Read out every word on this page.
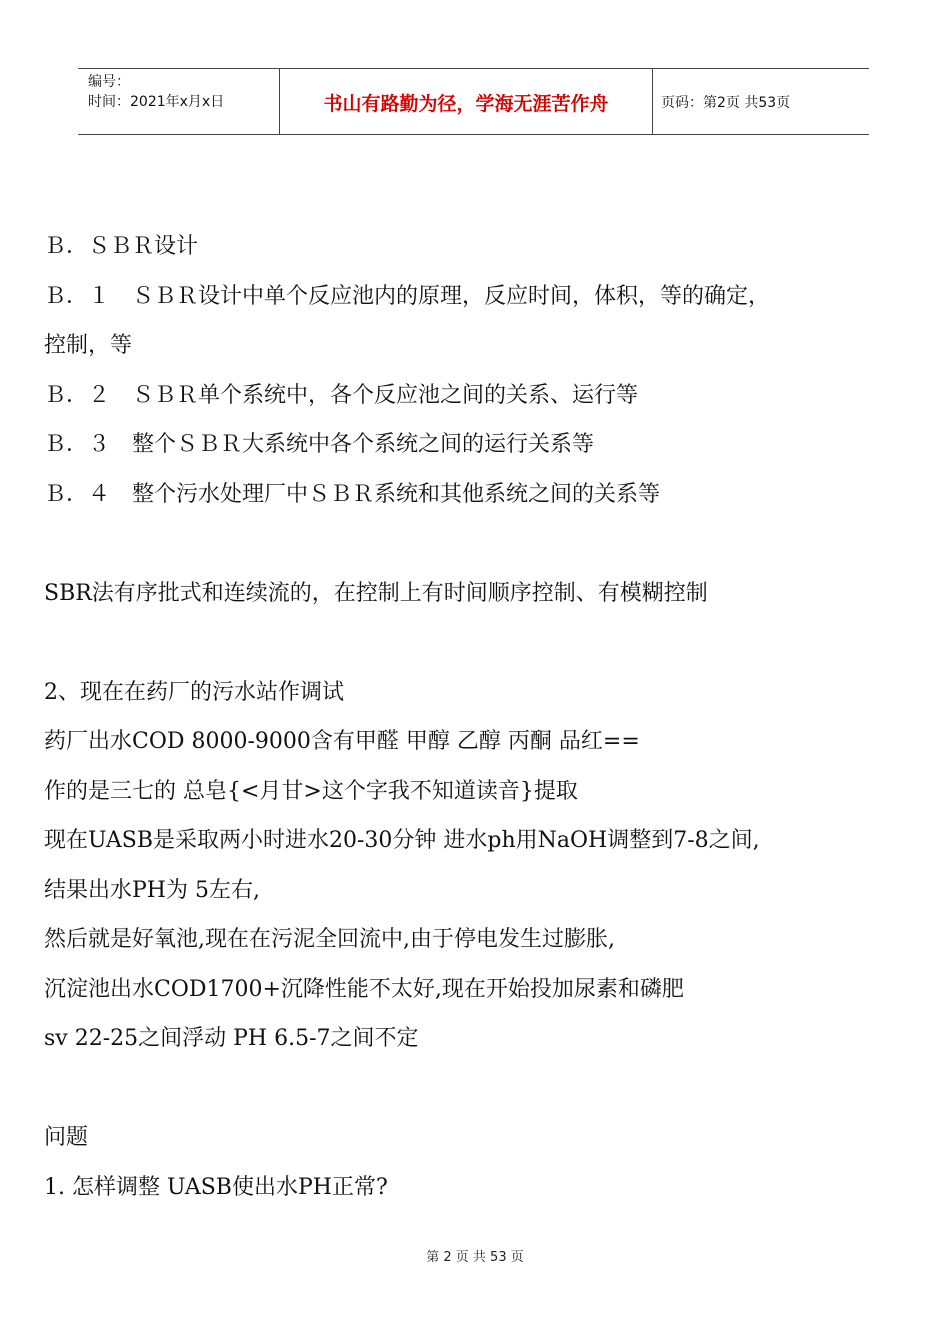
编号：
时间：2021年x月x日	书山有路勤为径，学海无涯苦作舟	页码：第2页 共53页
Ｂ．ＳＢＲ设计
Ｂ．１　ＳＢＲ设计中单个反应池内的原理，反应时间，体积，等的确定，
控制，等
Ｂ．２　ＳＢＲ单个系统中，各个反应池之间的关系、运行等
Ｂ．３　整个ＳＢＲ大系统中各个系统之间的运行关系等
Ｂ．４　整个污水处理厂中ＳＢＲ系统和其他系统之间的关系等
SBR法有序批式和连续流的，在控制上有时间顺序控制、有模糊控制
2、现在在药厂的污水站作调试
药厂出水COD 8000-9000含有甲醛 甲醇 乙醇 丙酮 品红==
作的是三七的 总皂{<月甘>这个字我不知道读音}提取
现在UASB是采取两小时进水20-30分钟 进水ph用NaOH调整到7-8之间,
结果出水PH为 5左右,
然后就是好氧池,现在在污泥全回流中,由于停电发生过膨胀,
沉淀池出水COD1700+沉降性能不太好,现在开始投加尿素和磷肥
sv 22-25之间浮动 PH 6.5-7之间不定
问题
1. 怎样调整 UASB使出水PH正常?
第 2 页 共 53 页
